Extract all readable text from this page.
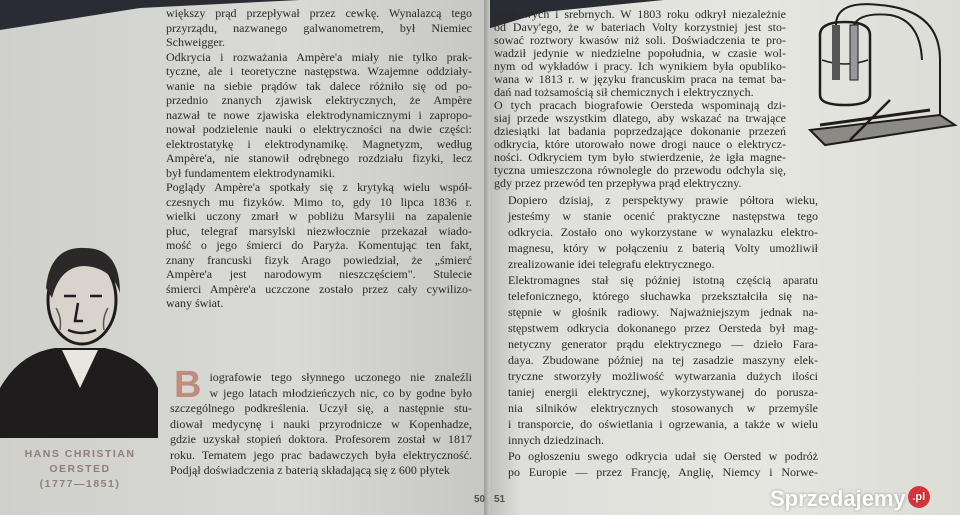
większy prąd przepływał przez cewkę. Wynalazcą tego
przyrządu, nazwanego galwanometrem, był Niemiec
Schweigger.
Odkrycia i rozważania Ampère'a miały nie tylko prak-
tyczne, ale i teoretyczne następstwa. Wzajemne oddziały-
wanie na siebie prądów tak dalece różniło się od po-
przednio znanych zjawisk elektrycznych, że Ampère
nazwał te nowe zjawiska elektrodynamicznymi i zapropo-
nował podzielenie nauki o elektryczności na dwie części:
elektrostatykę i elektrodynamikę. Magnetyzm, według
Ampère'a, nie stanowił odrębnego rozdziału fizyki, lecz
był fundamentem elektrodynamiki.
Poglądy Ampère'a spotkały się z krytyką wielu współ-
czesnych mu fizyków. Mimo to, gdy 10 lipca 1836 r.
wielki uczony zmarł w pobliżu Marsylii na zapalenie
płuc, telegraf marsylski niezwłocznie przekazał wiado-
mość o jego śmierci do Paryża. Komentując ten fakt,
znany francuski fizyk Arago powiedział, że „śmierć
Ampère'a jest narodowym nieszczęściem". Stulecie
śmierci Ampère'a uczczone zostało przez cały cywilizo-
wany świat.
HANS CHRISTIAN
OERSTED
(1777—1851)
B iografowie tego słynnego uczonego nie znaleźli
w jego latach młodzieńczych nic, co by godne było
szczególnego podkreślenia. Uczył się, a następnie stu-
diował medycynę i nauki przyrodnicze w Kopenhadze,
gdzie uzyskał stopień doktora. Profesorem został w 1817
roku. Tematem jego prac badawczych była elektryczność.
Podjął doświadczenia z baterią składającą się z 600 płytek
50 51
cynkowych i srebrnych. W 1803 roku odkrył niezależnie
od Davy'ego, że w bateriach Volty korzystniej jest sto-
sować roztwory kwasów niż soli. Doświadczenia te pro-
wadził jedynie w niedzielne popołudnia, w czasie wol-
nym od wykładów i pracy. Ich wynikiem była opubliko-
wana w 1813 r. w języku francuskim praca na temat ba-
dań nad tożsamością sił chemicznych i elektrycznych.
O tych pracach biografowie Oersteda wspominają dzi-
siaj przede wszystkim dlatego, aby wskazać na trwające
dziesiątki lat badania poprzedzające dokonanie przezeń
odkrycia, które utorowało nowe drogi nauce o elektrycz-
ności. Odkryciem tym było stwierdzenie, że igła magne-
tyczna umieszczona równolegle do przewodu odchyla się,
gdy przez przewód ten przepływa prąd elektryczny.
Dopiero dzisiaj, z perspektywy prawie półtora wieku,
jesteśmy w stanie ocenić praktyczne następstwa tego
odkrycia. Zostało ono wykorzystane w wynalazku elektro-
magnesu, który w połączeniu z baterią Volty umożliwił
zrealizowanie idei telegrafu elektrycznego.
Elektromagnes stał się później istotną częścią aparatu
telefonicznego, którego słuchawka przekształciła się na-
stępnie w głośnik radiowy. Najważniejszym jednak na-
stępstwem odkrycia dokonanego przez Oersteda był mag-
netyczny generator prądu elektrycznego — dzieło Fara-
daya. Zbudowane później na tej zasadzie maszyny elek-
tryczne stworzyły możliwość wytwarzania dużych ilości
taniej energii elektrycznej, wykorzystywanej do porusza-
nia silników elektrycznych stosowanych w przemyśle
i transporcie, do oświetlania i ogrzewania, a także w wielu
innych dziedzinach.
Po ogłoszeniu swego odkrycia udał się Oersted w podróż
po Europie — przez Francję, Anglię, Niemcy i Norwe-
Sprzedajemy .pl
